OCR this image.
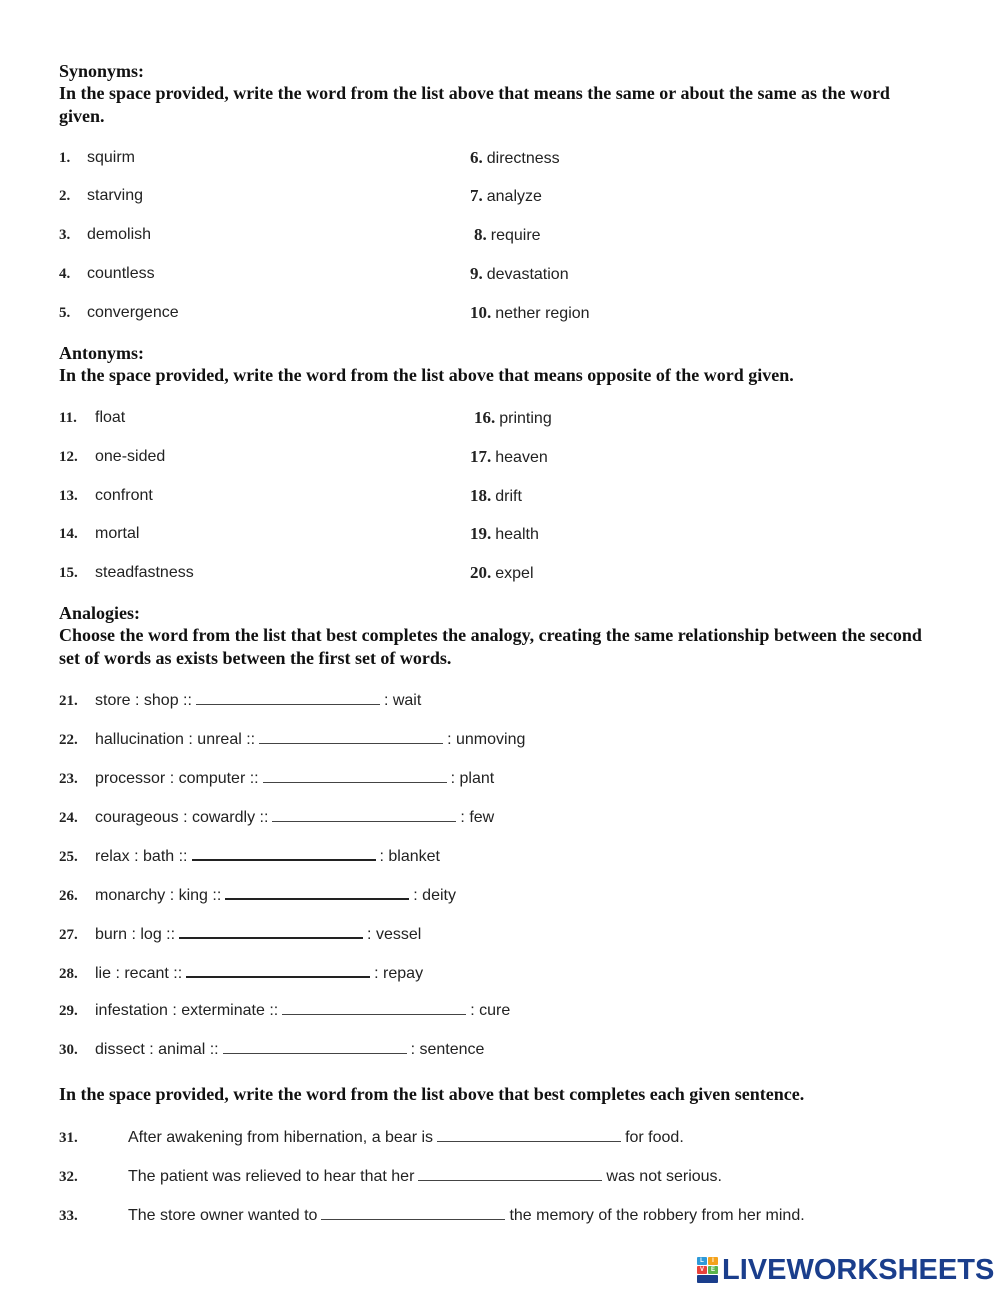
Synonyms:
In the space provided, write the word from the list above that means the same or about the same as the word given.
1. squirm
2. starving
3. demolish
4. countless
5. convergence
6. directness
7. analyze
8. require
9. devastation
10. nether region
Antonyms:
In the space provided, write the word from the list above that means opposite of the word given.
11. float
12. one-sided
13. confront
14. mortal
15. steadfastness
16. printing
17. heaven
18. drift
19. health
20. expel
Analogies:
Choose the word from the list that best completes the analogy, creating the same relationship between the second set of words as exists between the first set of words.
21. store : shop ::	: wait
22. hallucination : unreal ::	: unmoving
23. processor : computer ::	: plant
24. courageous : cowardly ::	: few
25. relax : bath ::	: blanket
26. monarchy : king ::	: deity
27. burn : log ::	: vessel
28. lie : recant ::	: repay
29. infestation : exterminate ::	: cure
30. dissect : animal ::	: sentence
In the space provided, write the word from the list above that best completes each given sentence.
31.	After awakening from hibernation, a bear is	for food.
32.	The patient was relieved to hear that her	was not serious.
33.	The store owner wanted to	the memory of the robbery from her mind.
L	I
V	E LIVEWORKSHEETS
